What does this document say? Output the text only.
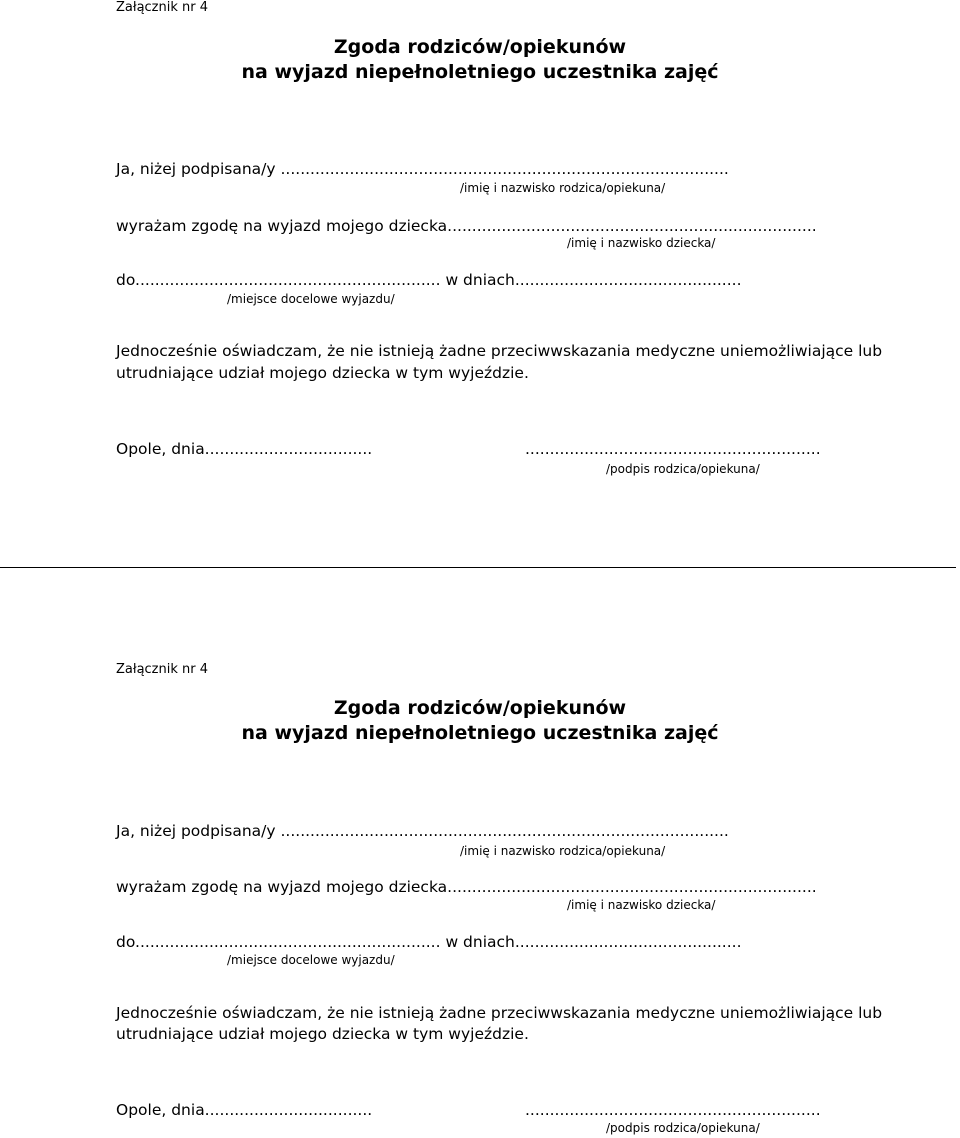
Załącznik nr 4
Zgoda rodziców/opiekunów
na wyjazd niepełnoletniego uczestnika zajęć
Ja, niżej podpisana/y ...........................................................................................
/imię i nazwisko rodzica/opiekuna/
wyrażam zgodę na wyjazd mojego dziecka...........................................................................
/imię i nazwisko dziecka/
do.............................................................. w dniach..............................................
/miejsce docelowe wyjazdu/
Jednocześnie oświadczam, że nie istnieją żadne przeciwwskazania medyczne uniemożliwiające lub
utrudniające udział mojego dziecka w tym wyjeździe.
Opole, dnia..................................	............................................................
/podpis rodzica/opiekuna/
Załącznik nr 4
Zgoda rodziców/opiekunów
na wyjazd niepełnoletniego uczestnika zajęć
Ja, niżej podpisana/y ...........................................................................................
/imię i nazwisko rodzica/opiekuna/
wyrażam zgodę na wyjazd mojego dziecka...........................................................................
/imię i nazwisko dziecka/
do.............................................................. w dniach..............................................
/miejsce docelowe wyjazdu/
Jednocześnie oświadczam, że nie istnieją żadne przeciwwskazania medyczne uniemożliwiające lub
utrudniające udział mojego dziecka w tym wyjeździe.
Opole, dnia..................................	............................................................
/podpis rodzica/opiekuna/
